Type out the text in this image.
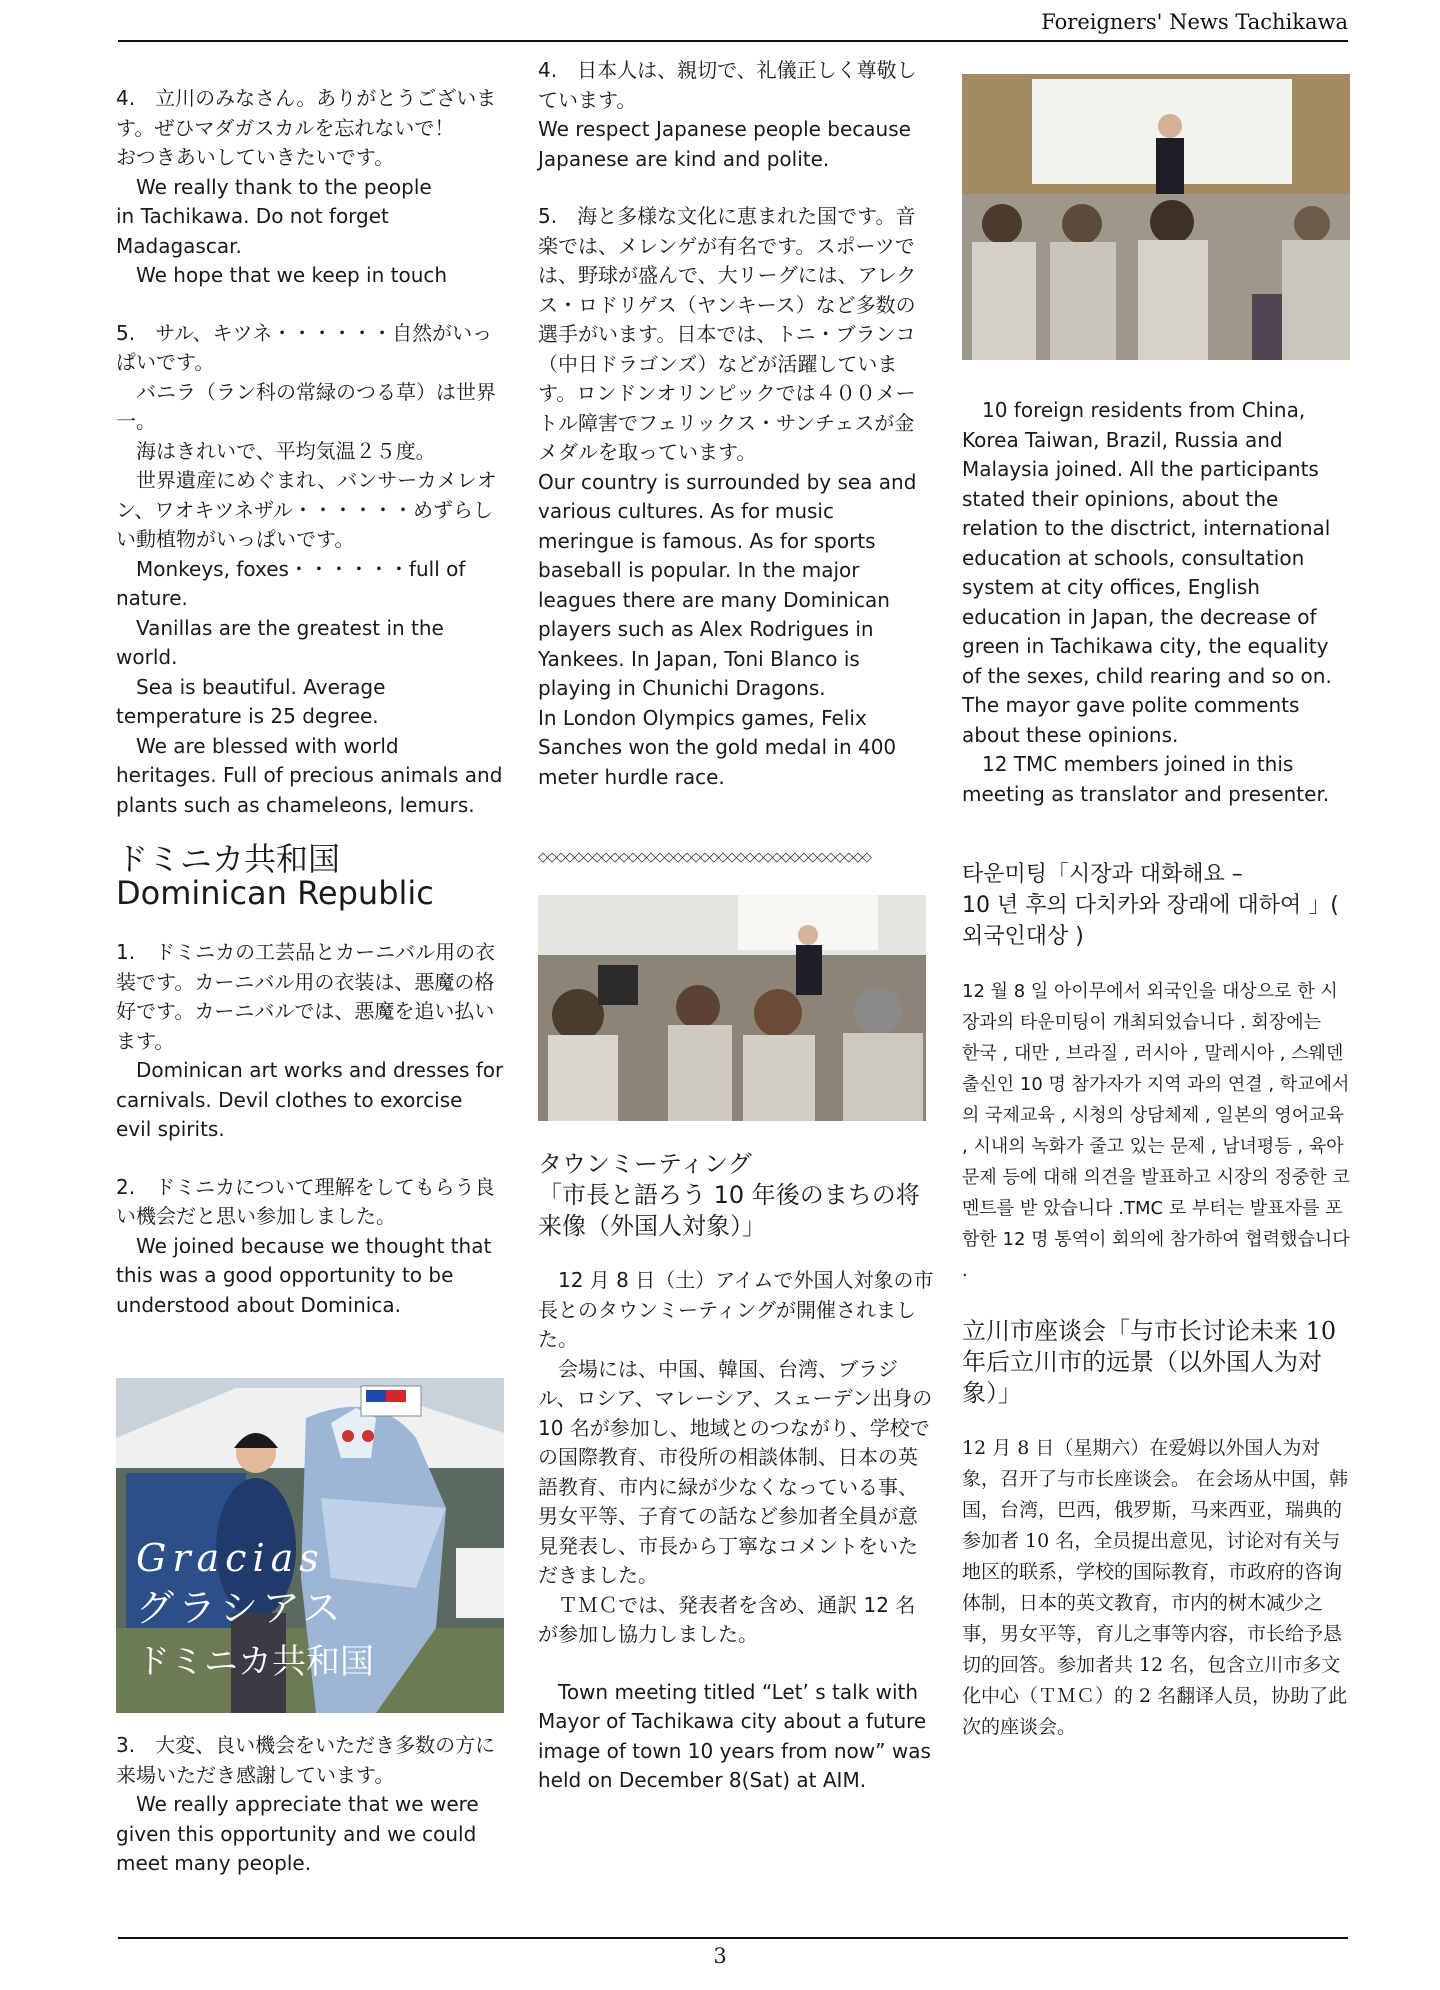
Foreigners' News Tachikawa

4.　立川のみなさん。ありがとうございます。ぜひマダガスカルを忘れないで！
おつきあいしていきたいです。
　We really thank to the people
in Tachikawa. Do not forget
Madagascar.
　We hope that we keep in touch

5.　サル、キツネ・・・・・・自然がいっぱいです。
　バニラ（ラン科の常緑のつる草）は世界一。
　海はきれいで、平均気温２５度。
　世界遺産にめぐまれ、バンサーカメレオン、ワオキツネザル・・・・・・めずらしい動植物がいっぱいです。
　Monkeys, foxes・・・・・・full of nature.
　Vanillas are the greatest in the world.
　Sea is beautiful. Average temperature is 25 degree.
　We are blessed with world heritages. Full of precious animals and plants such as chameleons, lemurs.

ドミニカ共和国
Dominican Republic

1.　ドミニカの工芸品とカーニバル用の衣装です。カーニバル用の衣装は、悪魔の格好です。カーニバルでは、悪魔を追い払います。
　Dominican art works and dresses for carnivals. Devil clothes to exorcise evil spirits.

2.　ドミニカについて理解をしてもらう良い機会だと思い参加しました。
　We joined because we thought that this was a good opportunity to be understood about Dominica.

Gracias
グラシアス
ドミニカ共和国

3.　大変、良い機会をいただき多数の方に来場いただき感謝しています。
　We really appreciate that we were given this opportunity and we could meet many people.

4.　日本人は、親切で、礼儀正しく尊敬しています。
We respect Japanese people because Japanese are kind and polite.

5.　海と多様な文化に恵まれた国です。音楽では、メレンゲが有名です。スポーツでは、野球が盛んで、大リーグには、アレクス・ロドリゲス（ヤンキース）など多数の選手がいます。日本では、トニ・ブランコ（中日ドラゴンズ）などが活躍しています。ロンドンオリンピックでは４００メートル障害でフェリックス・サンチェスが金メダルを取っています。
Our country is surrounded by sea and various cultures. As for music meringue is famous. As for sports baseball is popular. In the major leagues there are many Dominican players such as Alex Rodrigues in Yankees. In Japan, Toni Blanco is playing in Chunichi Dragons.
In London Olympics games, Felix Sanches won the gold medal in 400 meter hurdle race.

◇◇◇◇◇◇◇◇◇◇◇◇◇◇◇◇◇◇◇◇◇◇◇◇◇◇◇◇◇◇◇◇◇◇◇◇◇
タウンミーティング
「市長と語ろう 10 年後のまちの将来像（外国人対象）」

　12 月 8 日（土）アイムで外国人対象の市長とのタウンミーティングが開催されました。
　会場には、中国、韓国、台湾、ブラジル、ロシア、マレーシア、スェーデン出身の 10 名が参加し、地域とのつながり、学校での国際教育、市役所の相談体制、日本の英語教育、市内に緑が少なくなっている事、男女平等、子育ての話など参加者全員が意見発表し、市長から丁寧なコメントをいただきました。
　ＴＭＣでは、発表者を含め、通訳 12 名が参加し協力しました。

　Town meeting titled “Let’ s talk with Mayor of Tachikawa city about a future image of town 10 years from now” was held on December 8(Sat) at AIM.

　10 foreign residents from China, Korea Taiwan, Brazil, Russia and Malaysia joined. All the participants stated their opinions, about the relation to the disctrict, international education at schools, consultation system at city offices, English education in Japan, the decrease of green in Tachikawa city, the equality of the sexes, child rearing and so on. The mayor gave polite comments about these opinions.
　12 TMC members joined in this meeting as translator and presenter.

타운미팅「시장과 대화해요 –
10 년 후의 다치카와 장래에 대하여 」( 외국인대상 )

12 월 8 일 아이무에서 외국인을 대상으로 한 시장과의 타운미팅이 개최되었습니다 . 회장에는
한국 , 대만 , 브라질 , 러시아 , 말레시아 , 스웨덴 출신인 10 명 참가자가 지역 과의 연결 , 학교에서의 국제교육 , 시청의 상담체제 , 일본의 영어교육 , 시내의 녹화가 줄고 있는 문제 , 남녀평등 , 육아문제 등에 대해 의견을 발표하고 시장의 정중한 코멘트를 받 았습니다 .TMC 로 부터는 발표자를 포함한 12 명 통역이 회의에 참가하여 협력했습니다 .

立川市座谈会「与市长讨论未来 10 年后立川市的远景（以外国人为对象）」

12 月 8 日（星期六）在爱姆以外国人为对象，召开了与市长座谈会。 在会场从中国，韩国，台湾，巴西，俄罗斯，马来西亚，瑞典的参加者 10 名，全员提出意见，讨论对有关与地区的联系，学校的国际教育，市政府的咨询体制，日本的英文教育，市内的树木减少之事，男女平等，育儿之事等内容，市长给予恳切的回答。参加者共 12 名，包含立川市多文化中心（ＴＭＣ）的 2 名翻译人员，协助了此次的座谈会。

3
